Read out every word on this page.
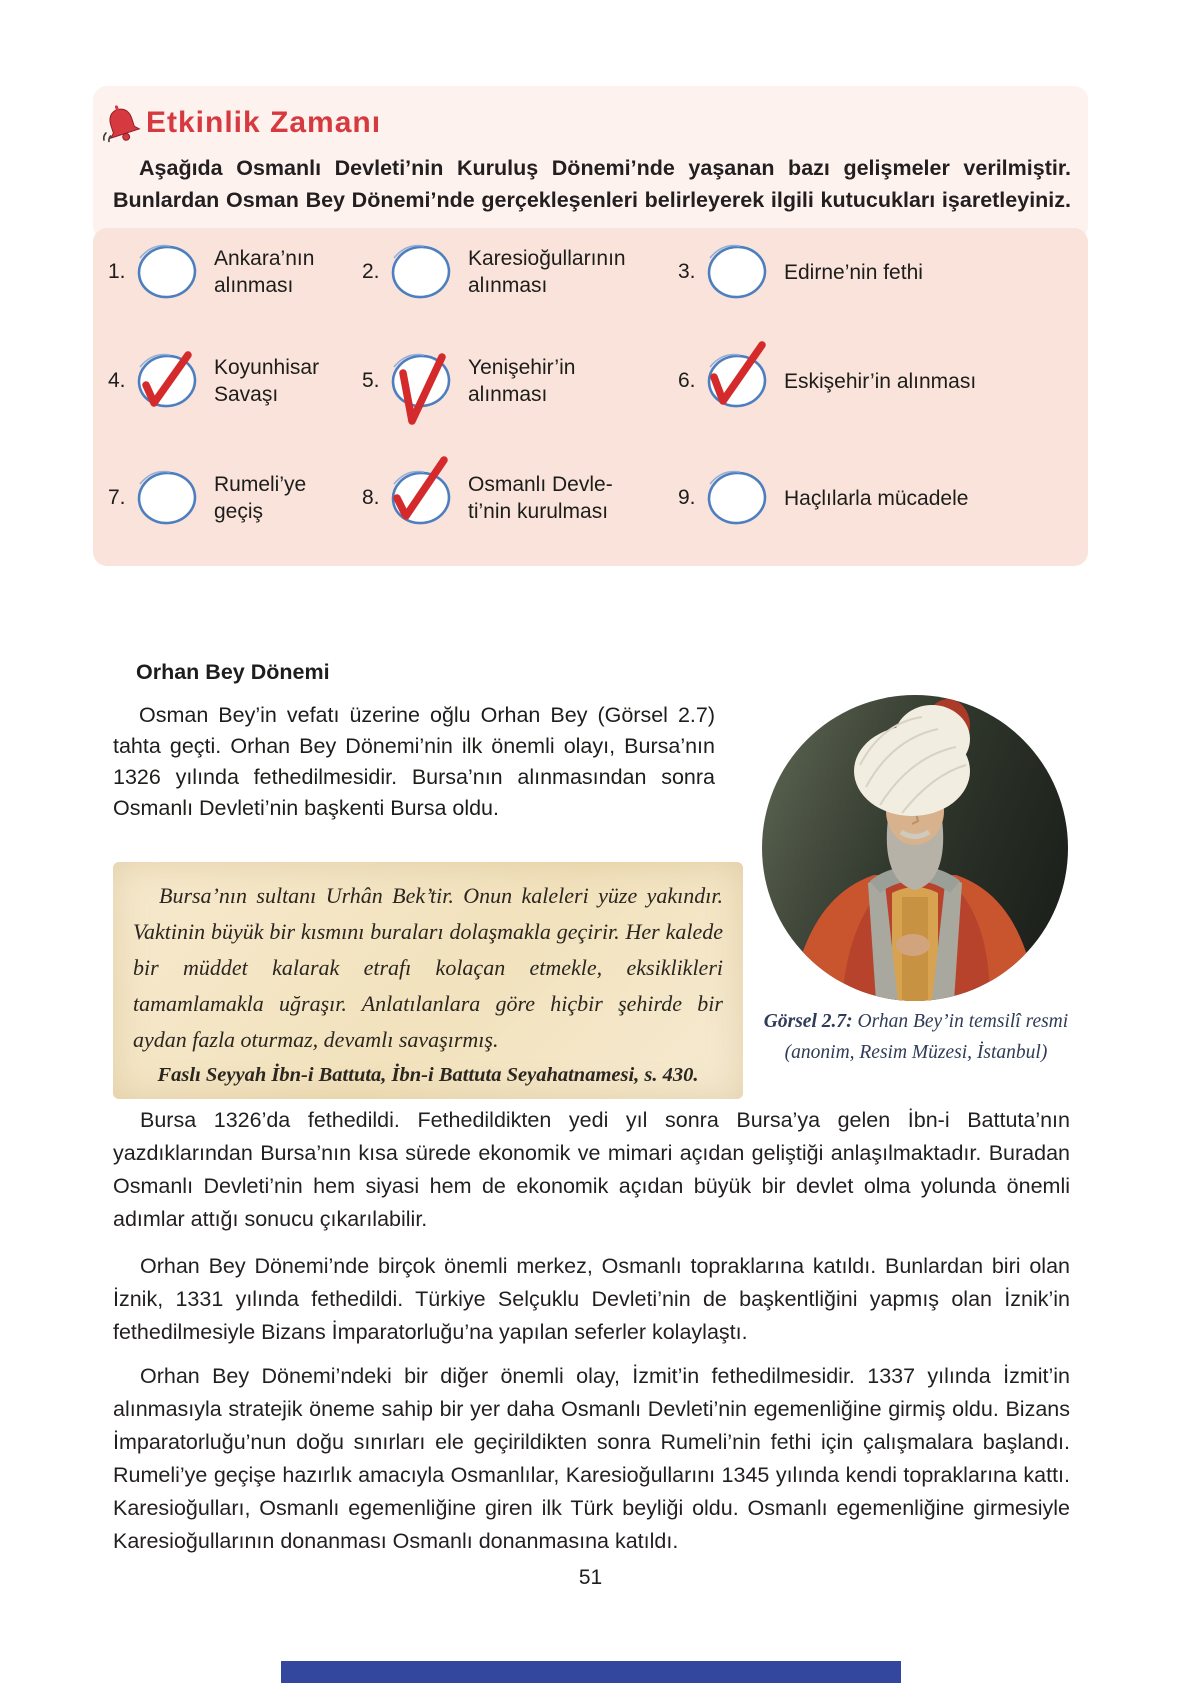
Etkinlik Zamanı
Aşağıda Osmanlı Devleti’nin Kuruluş Dönemi’nde yaşanan bazı gelişmeler verilmiştir.
Bunlardan Osman Bey Dönemi’nde gerçekleşenleri belirleyerek ilgili kutucukları işaretleyiniz.
1.
Ankara’nın
alınması
2.
Karesioğullarının
alınması
3.	Edirne’nin fethi
4.
Koyunhisar
Savaşı
5.
Yenişehir’in
alınması
6.	Eskişehir’in alınması
7.
Rumeli’ye
geçiş
8.
Osmanlı Devle-
ti’nin kurulması
9.	Haçlılarla mücadele
Orhan Bey Dönemi
Osman Bey’in vefatı üzerine oğlu Orhan Bey (Görsel 2.7) tahta geçti. Orhan Bey Dönemi’nin ilk önemli olayı, Bursa’nın 1326 yılında fethedilmesidir. Bursa’nın alınmasından sonra Osmanlı Devleti’nin başkenti Bursa oldu.
Görsel 2.7: Orhan Bey’in temsilî resmi (anonim, Resim Müzesi, İstanbul)
Bursa’nın sultanı Urhân Bek’tir. Onun kaleleri yüze yakındır. Vaktinin büyük bir kısmını buraları dolaşmakla geçirir. Her kalede bir müddet kalarak etrafı kolaçan etmekle, eksiklikleri tamamlamakla uğraşır. Anlatılanlara göre hiçbir şehirde bir aydan fazla oturmaz, devamlı savaşırmış.
Faslı Seyyah İbn-i Battuta, İbn-i Battuta Seyahatnamesi, s. 430.
Bursa 1326’da fethedildi. Fethedildikten yedi yıl sonra Bursa’ya gelen İbn-i Battuta’nın yazdıklarından Bursa’nın kısa sürede ekonomik ve mimari açıdan geliştiği anlaşılmaktadır. Buradan Osmanlı Devleti’nin hem siyasi hem de ekonomik açıdan büyük bir devlet olma yolunda önemli adımlar attığı sonucu çıkarılabilir.
Orhan Bey Dönemi’nde birçok önemli merkez, Osmanlı topraklarına katıldı. Bunlardan biri olan İznik, 1331 yılında fethedildi. Türkiye Selçuklu Devleti’nin de başkentliğini yapmış olan İznik’in fethedilmesiyle Bizans İmparatorluğu’na yapılan seferler kolaylaştı.
Orhan Bey Dönemi’ndeki bir diğer önemli olay, İzmit’in fethedilmesidir. 1337 yılında İzmit’in alınmasıyla stratejik öneme sahip bir yer daha Osmanlı Devleti’nin egemenliğine girmiş oldu. Bizans İmparatorluğu’nun doğu sınırları ele geçirildikten sonra Rumeli’nin fethi için çalışmalara başlandı. Rumeli’ye geçişe hazırlık amacıyla Osmanlılar, Karesioğullarını 1345 yılında kendi topraklarına kattı. Karesioğulları, Osmanlı egemenliğine giren ilk Türk beyliği oldu. Osmanlı egemenliğine girmesiyle Karesioğullarının donanması Osmanlı donanmasına katıldı.
51
